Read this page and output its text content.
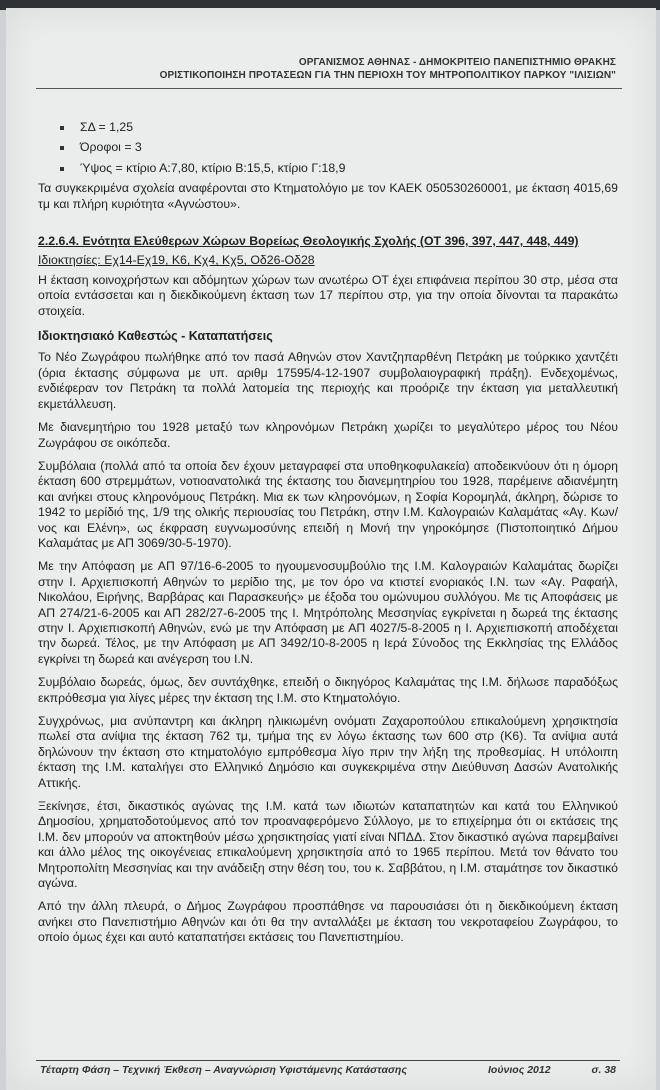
ΟΡΓΑΝΙΣΜΟΣ ΑΘΗΝΑΣ - ΔΗΜΟΚΡΙΤΕΙΟ ΠΑΝΕΠΙΣΤΗΜΙΟ ΘΡΑΚΗΣ
ΟΡΙΣΤΙΚΟΠΟΙΗΣΗ ΠΡΟΤΑΣΕΩΝ ΓΙΑ ΤΗΝ ΠΕΡΙΟΧΗ ΤΟΥ ΜΗΤΡΟΠΟΛΙΤΙΚΟΥ ΠΑΡΚΟΥ "ΙΛΙΣΙΩΝ"
ΣΔ = 1,25
Όροφοι = 3
Ύψος = κτίριο Α:7,80, κτίριο Β:15,5, κτίριο Γ:18,9

Τα συγκεκριμένα σχολεία αναφέρονται στο Κτηματολόγιο με τον ΚΑΕΚ 050530260001, με έκταση 4015,69 τμ και πλήρη κυριότητα «Αγνώστου».

2.2.6.4. Ενότητα Ελεύθερων Χώρων Βορείως Θεολογικής Σχολής (ΟΤ 396, 397, 447, 448, 449)
Ιδιοκτησίες: Εχ14-Εχ19, Κ6, Κχ4, Κχ5, Οδ26-Οδ28

Η έκταση κοινοχρήστων και αδόμητων χώρων των ανωτέρω ΟΤ έχει επιφάνεια περίπου 30 στρ, μέσα στα οποία εντάσσεται και η διεκδικούμενη έκταση των 17 περίπου στρ, για την οποία δίνονται τα παρακάτω στοιχεία.

Ιδιοκτησιακό Καθεστώς - Καταπατήσεις

Το Νέο Ζωγράφου πωλήθηκε από τον πασά Αθηνών στον Χαντζηπαρθένη Πετράκη με τούρκικο χαντζέτι (όρια έκτασης σύμφωνα με υπ. αριθμ 17595/4-12-1907 συμβολαιογραφική πράξη). Ενδεχομένως, ενδιέφεραν τον Πετράκη τα πολλά λατομεία της περιοχής και προόριζε την έκταση για μεταλλευτική εκμετάλλευση.

Με διανεμητήριο του 1928 μεταξύ των κληρονόμων Πετράκη χωρίζει το μεγαλύτερο μέρος του Νέου Ζωγράφου σε οικόπεδα.

Συμβόλαια (πολλά από τα οποία δεν έχουν μεταγραφεί στα υποθηκοφυλακεία) αποδεικνύουν ότι η όμορη έκταση 600 στρεμμάτων, νοτιοανατολικά της έκτασης του διανεμητηρίου του 1928, παρέμεινε αδιανέμητη και ανήκει στους κληρονόμους Πετράκη. Μια εκ των κληρονόμων, η Σοφία Κορομηλά, άκληρη, δώρισε το 1942 το μερίδιό της, 1/9 της ολικής περιουσίας του Πετράκη, στην Ι.Μ. Καλογραιών Καλαμάτας «Αγ. Κων/νος και Ελένη», ως έκφραση ευγνωμοσύνης επειδή η Μονή την γηροκόμησε (Πιστοποιητικό Δήμου Καλαμάτας με ΑΠ 3069/30-5-1970).

Με την Απόφαση με ΑΠ 97/16-6-2005 το ηγουμενοσυμβούλιο της Ι.Μ. Καλογραιών Καλαμάτας δωρίζει στην Ι. Αρχιεπισκοπή Αθηνών το μερίδιο της, με τον όρο να κτιστεί ενοριακός Ι.Ν. των «Αγ. Ραφαήλ, Νικολάου, Ειρήνης, Βαρβάρας και Παρασκευής» με έξοδα του ομώνυμου συλλόγου. Με τις Αποφάσεις με ΑΠ 274/21-6-2005 και ΑΠ 282/27-6-2005 της Ι. Μητρόπολης Μεσσηνίας εγκρίνεται η δωρεά της έκτασης στην Ι. Αρχιεπισκοπή Αθηνών, ενώ με την Απόφαση με ΑΠ 4027/5-8-2005 η Ι. Αρχιεπισκοπή αποδέχεται την δωρεά. Τέλος, με την Απόφαση με ΑΠ 3492/10-8-2005 η Ιερά Σύνοδος της Εκκλησίας της Ελλάδος εγκρίνει τη δωρεά και ανέγερση του Ι.Ν.

Συμβόλαιο δωρεάς, όμως, δεν συντάχθηκε, επειδή ο δικηγόρος Καλαμάτας της Ι.Μ. δήλωσε παραδόξως εκπρόθεσμα για λίγες μέρες την έκταση της Ι.Μ. στο Κτηματολόγιο.

Συγχρόνως, μια ανύπαντρη και άκληρη ηλικιωμένη ονόματι Ζαχαροπούλου επικαλούμενη χρησικτησία πωλεί στα ανίψια της έκταση 762 τμ, τμήμα της εν λόγω έκτασης των 600 στρ (Κ6). Τα ανίψια αυτά δηλώνουν την έκταση στο κτηματολόγιο εμπρόθεσμα λίγο πριν την λήξη της προθεσμίας. Η υπόλοιπη έκταση της Ι.Μ. καταλήγει στο Ελληνικό Δημόσιο και συγκεκριμένα στην Διεύθυνση Δασών Ανατολικής Αττικής.

Ξεκίνησε, έτσι, δικαστικός αγώνας της Ι.Μ. κατά των ιδιωτών καταπατητών και κατά του Ελληνικού Δημοσίου, χρηματοδοτούμενος από τον προαναφερόμενο Σύλλογο, με το επιχείρημα ότι οι εκτάσεις της Ι.Μ. δεν μπορούν να αποκτηθούν μέσω χρησικτησίας γιατί είναι ΝΠΔΔ. Στον δικαστικό αγώνα παρεμβαίνει και άλλο μέλος της οικογένειας επικαλούμενη χρησικτησία από το 1965 περίπου. Μετά τον θάνατο του Μητροπολίτη Μεσσηνίας και την ανάδειξη στην θέση του, του κ. Σαββάτου, η Ι.Μ. σταμάτησε τον δικαστικό αγώνα.

Από την άλλη πλευρά, ο Δήμος Ζωγράφου προσπάθησε να παρουσιάσει ότι η διεκδικούμενη έκταση ανήκει στο Πανεπιστήμιο Αθηνών και ότι θα την ανταλλάξει με έκταση του νεκροταφείου Ζωγράφου, το οποίο όμως έχει και αυτό καταπατήσει εκτάσεις του Πανεπιστημίου.

Τέταρτη Φάση – Τεχνική Έκθεση – Αναγνώριση Υφιστάμενης Κατάστασης	Ιούνιος 2012	σ. 38
